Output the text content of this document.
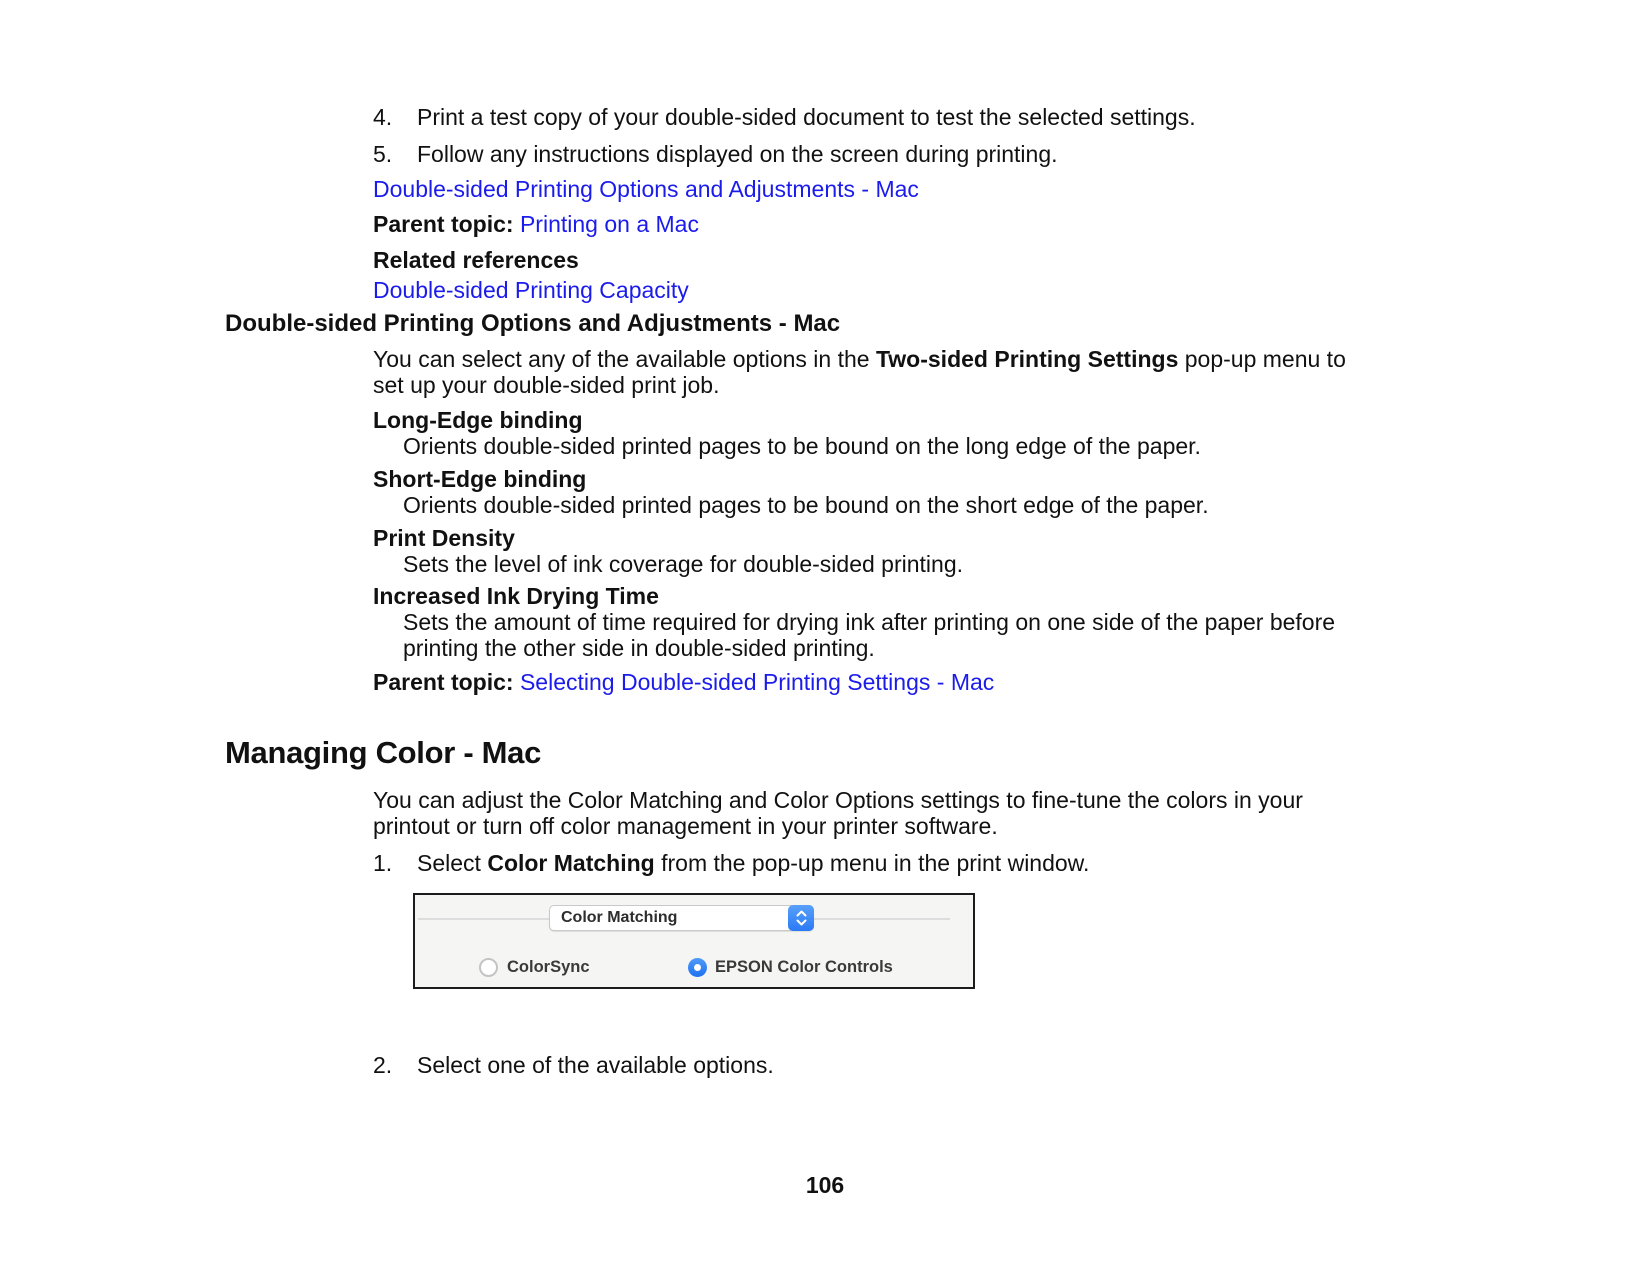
4.	Print a test copy of your double-sided document to test the selected settings.
5.	Follow any instructions displayed on the screen during printing.
Double-sided Printing Options and Adjustments - Mac
Parent topic: Printing on a Mac
Related references
Double-sided Printing Capacity
Double-sided Printing Options and Adjustments - Mac
You can select any of the available options in the Two-sided Printing Settings pop-up menu to set up your double-sided print job.
Long-Edge binding
Orients double-sided printed pages to be bound on the long edge of the paper.
Short-Edge binding
Orients double-sided printed pages to be bound on the short edge of the paper.
Print Density
Sets the level of ink coverage for double-sided printing.
Increased Ink Drying Time
Sets the amount of time required for drying ink after printing on one side of the paper before printing the other side in double-sided printing.
Parent topic: Selecting Double-sided Printing Settings - Mac
Managing Color - Mac
You can adjust the Color Matching and Color Options settings to fine-tune the colors in your printout or turn off color management in your printer software.
1.	Select Color Matching from the pop-up menu in the print window.
Color Matching
ColorSync	EPSON Color Controls
2.	Select one of the available options.
106
